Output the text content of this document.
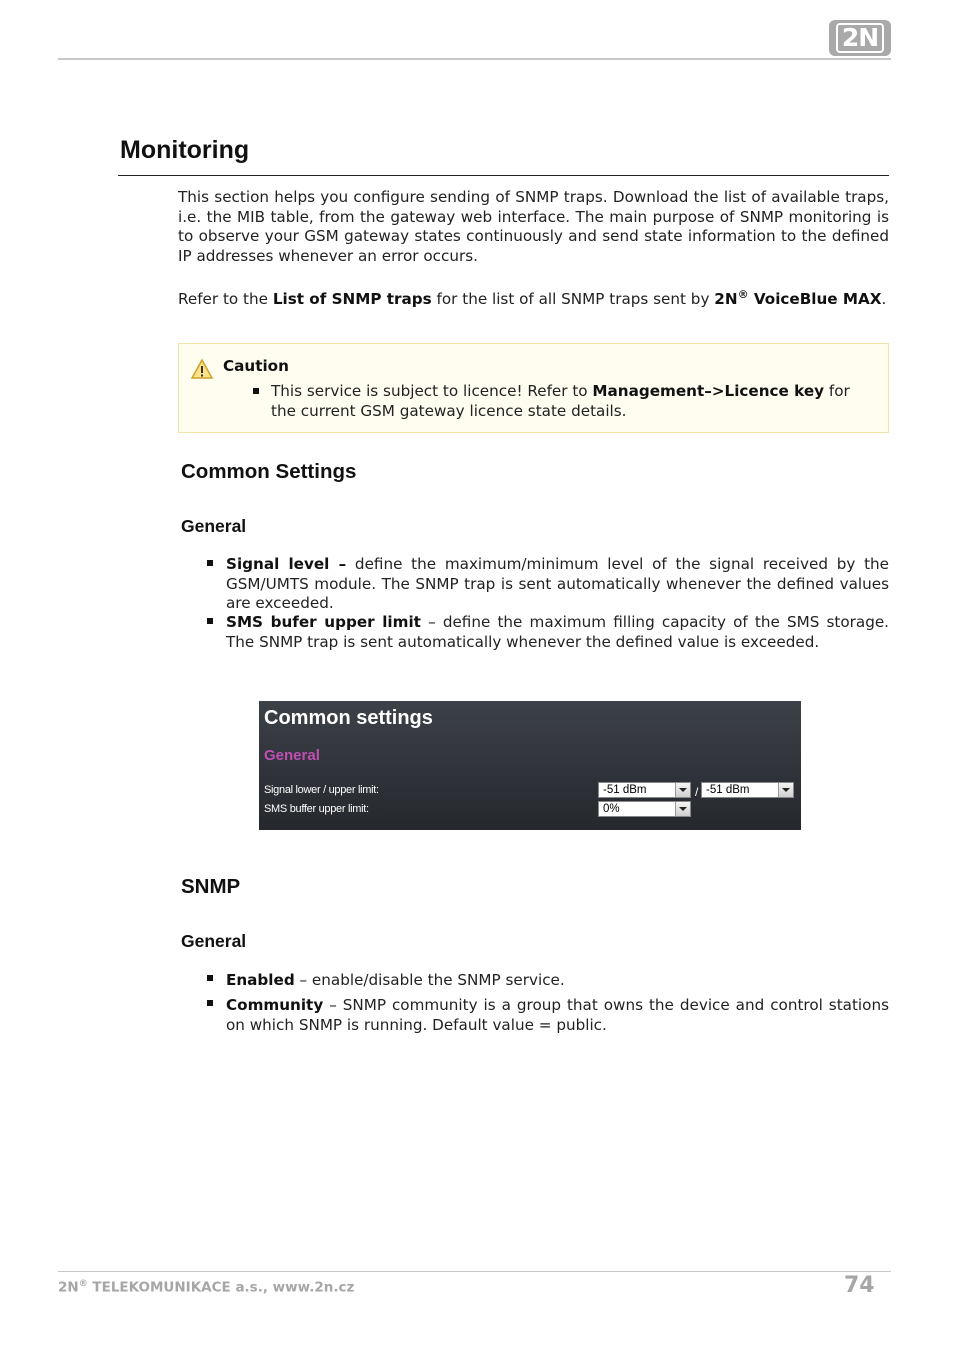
2N
Monitoring

This section helps you configure sending of SNMP traps. Download the list of available traps, i.e. the MIB table, from the gateway web interface. The main purpose of SNMP monitoring is to observe your GSM gateway states continuously and send state information to the defined IP addresses whenever an error occurs.

Refer to the List of SNMP traps for the list of all SNMP traps sent by 2N® VoiceBlue MAX.

Caution
This service is subject to licence! Refer to Management–>Licence key for the current GSM gateway licence state details.
Common Settings
General
Signal level – define the maximum/minimum level of the signal received by the GSM/UMTS module. The SNMP trap is sent automatically whenever the defined values are exceeded.
SMS bufer upper limit – define the maximum filling capacity of the SMS storage. The SNMP trap is sent automatically whenever the defined value is exceeded.
Common settings
General
Signal lower / upper limit:	-51 dBm	/ -51 dBm
SMS buffer upper limit:	0%
SNMP
General
Enabled – enable/disable the SNMP service.
Community – SNMP community is a group that owns the device and control stations on which SNMP is running. Default value = public.
2N® TELEKOMUNIKACE a.s., www.2n.cz	74
